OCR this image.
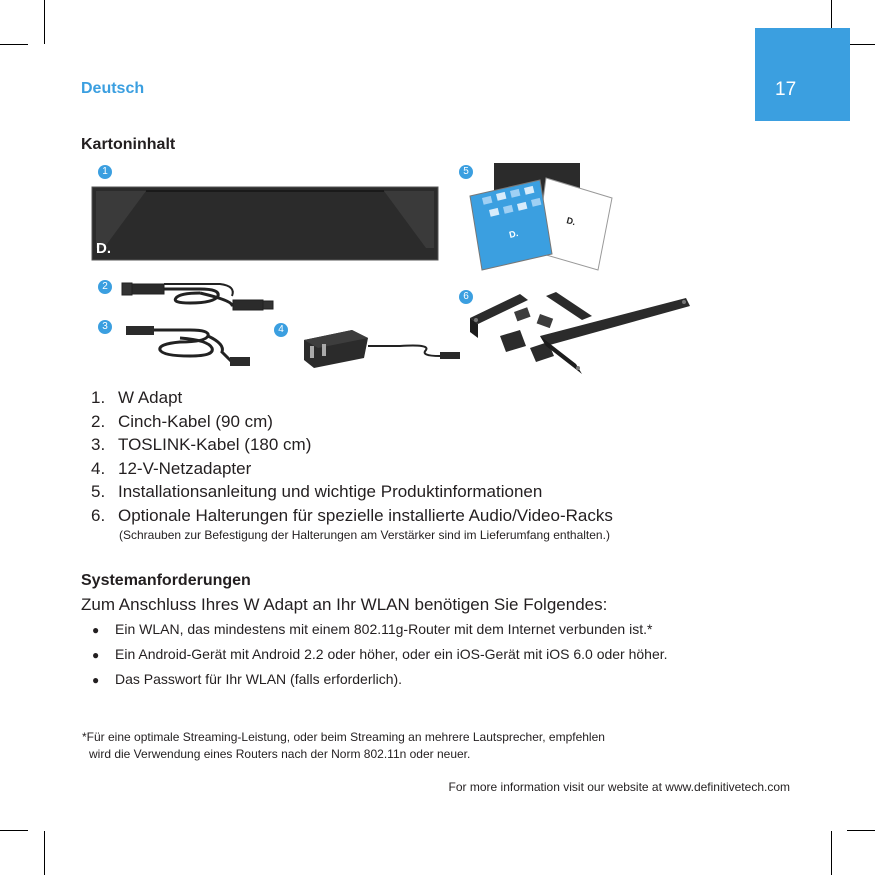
17
Deutsch
Kartoninhalt
D.
D.
D.
1	5
2
6
3	4
1. W Adapt
2. Cinch-Kabel (90 cm)
3. TOSLINK-Kabel (180 cm)
4. 12-V-Netzadapter
5. Installationsanleitung und wichtige Produktinformationen
6. Optionale Halterungen für spezielle installierte Audio/Video-Racks
(Schrauben zur Befestigung der Halterungen am Verstärker sind im Lieferumfang enthalten.)
Systemanforderungen
Zum Anschluss Ihres W Adapt an Ihr WLAN benötigen Sie Folgendes:
● Ein WLAN, das mindestens mit einem 802.11g-Router mit dem Internet verbunden ist.*
● Ein Android-Gerät mit Android 2.2 oder höher, oder ein iOS-Gerät mit iOS 6.0 oder höher.
● Das Passwort für Ihr WLAN (falls erforderlich).
*Für eine optimale Streaming-Leistung, oder beim Streaming an mehrere Lautsprecher, empfehlen
wird die Verwendung eines Routers nach der Norm 802.11n oder neuer.
For more information visit our website at www.definitivetech.com
